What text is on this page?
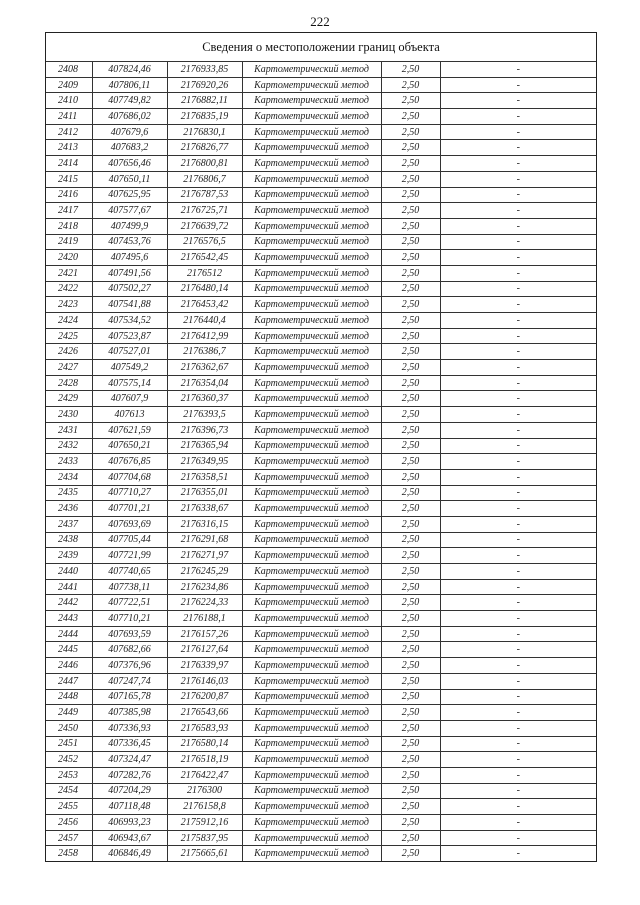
222
Сведения о местоположении границ объекта
2408	407824,46	2176933,85	Картометрический метод	2,50	-
2409	407806,11	2176920,26	Картометрический метод	2,50	-
2410	407749,82	2176882,11	Картометрический метод	2,50	-
2411	407686,02	2176835,19	Картометрический метод	2,50	-
2412	407679,6	2176830,1	Картометрический метод	2,50	-
2413	407683,2	2176826,77	Картометрический метод	2,50	-
2414	407656,46	2176800,81	Картометрический метод	2,50	-
2415	407650,11	2176806,7	Картометрический метод	2,50	-
2416	407625,95	2176787,53	Картометрический метод	2,50	-
2417	407577,67	2176725,71	Картометрический метод	2,50	-
2418	407499,9	2176639,72	Картометрический метод	2,50	-
2419	407453,76	2176576,5	Картометрический метод	2,50	-
2420	407495,6	2176542,45	Картометрический метод	2,50	-
2421	407491,56	2176512	Картометрический метод	2,50	-
2422	407502,27	2176480,14	Картометрический метод	2,50	-
2423	407541,88	2176453,42	Картометрический метод	2,50	-
2424	407534,52	2176440,4	Картометрический метод	2,50	-
2425	407523,87	2176412,99	Картометрический метод	2,50	-
2426	407527,01	2176386,7	Картометрический метод	2,50	-
2427	407549,2	2176362,67	Картометрический метод	2,50	-
2428	407575,14	2176354,04	Картометрический метод	2,50	-
2429	407607,9	2176360,37	Картометрический метод	2,50	-
2430	407613	2176393,5	Картометрический метод	2,50	-
2431	407621,59	2176396,73	Картометрический метод	2,50	-
2432	407650,21	2176365,94	Картометрический метод	2,50	-
2433	407676,85	2176349,95	Картометрический метод	2,50	-
2434	407704,68	2176358,51	Картометрический метод	2,50	-
2435	407710,27	2176355,01	Картометрический метод	2,50	-
2436	407701,21	2176338,67	Картометрический метод	2,50	-
2437	407693,69	2176316,15	Картометрический метод	2,50	-
2438	407705,44	2176291,68	Картометрический метод	2,50	-
2439	407721,99	2176271,97	Картометрический метод	2,50	-
2440	407740,65	2176245,29	Картометрический метод	2,50	-
2441	407738,11	2176234,86	Картометрический метод	2,50	-
2442	407722,51	2176224,33	Картометрический метод	2,50	-
2443	407710,21	2176188,1	Картометрический метод	2,50	-
2444	407693,59	2176157,26	Картометрический метод	2,50	-
2445	407682,66	2176127,64	Картометрический метод	2,50	-
2446	407376,96	2176339,97	Картометрический метод	2,50	-
2447	407247,74	2176146,03	Картометрический метод	2,50	-
2448	407165,78	2176200,87	Картометрический метод	2,50	-
2449	407385,98	2176543,66	Картометрический метод	2,50	-
2450	407336,93	2176583,93	Картометрический метод	2,50	-
2451	407336,45	2176580,14	Картометрический метод	2,50	-
2452	407324,47	2176518,19	Картометрический метод	2,50	-
2453	407282,76	2176422,47	Картометрический метод	2,50	-
2454	407204,29	2176300	Картометрический метод	2,50	-
2455	407118,48	2176158,8	Картометрический метод	2,50	-
2456	406993,23	2175912,16	Картометрический метод	2,50	-
2457	406943,67	2175837,95	Картометрический метод	2,50	-
2458	406846,49	2175665,61	Картометрический метод	2,50	-
